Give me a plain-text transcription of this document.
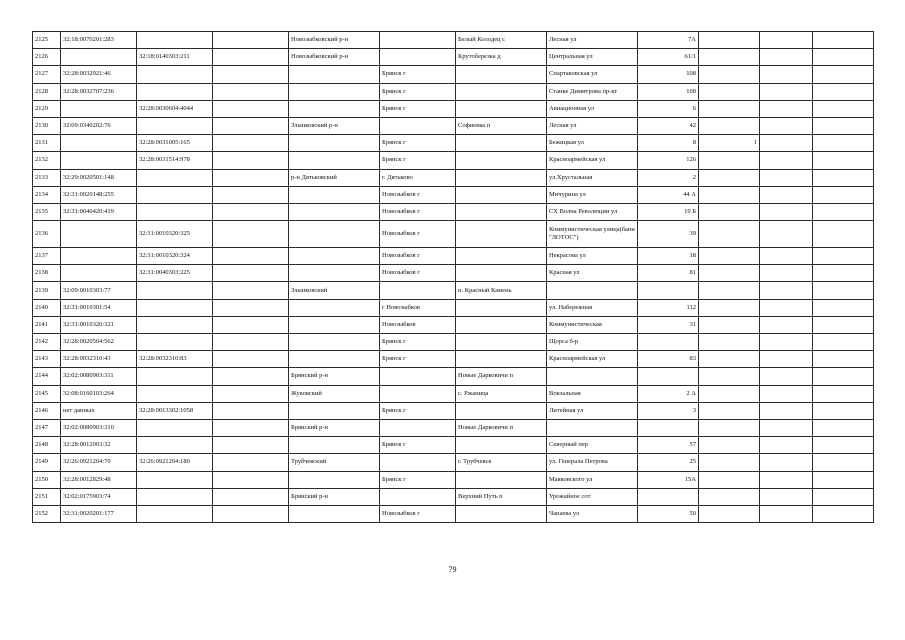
2125	32:18:0070201:283			Новозыбковский р-н		Белый Колодец с	Лесная ул	7А			
2126		32:18:0140303:211		Новозыбковский р-н		Крутоберезка д	Центральная ул	61/1			
2127	32:28:0032921:46				Брянск г		Спартаковская ул	108			
2128	32:28:0032707:236				Брянск г		Станке Димитрова пр-кт	108			
2129		32:28:0030604:4044			Брянск г		Авиационная ул	6			
2130	32:09:0340202:76			Злынковский р-н		Софиевка п	Лесная ул	42			
2131		32:28:0031005:165			Брянск г		Бежицкая ул	8	1		
2132		32:28:0031514:978			Брянск г		Красноармейская ул	126			
2133	32:29:0020501:148			р-н Дятьковский	г. Дятьково		ул.Хрустальная	2			
2134	32:31:0020148:255				Новозыбков г		Мичурина ул	44 А			
2135	32:31:0040420:419				Новозыбков г		СХ Волна Революции ул	19 Б			
2136		32:31:0010320:325			Новозыбков г		Коммунистическая улица(бани "ЛОТОС")	39			
2137		32:31:0010320:324			Новозыбков г		Некрасова ул	18			
2138		32:31:0040303:225			Новозыбков г		Красная ул	81			
2139	32:09:0010303:77			Злынковский		п. Красный Камень					
2140	32:31:0010301:54				г Новозыбков		ул. Набережная	112			
2141	32:31:0010320:321				Новозыбков		Коммунистическая	31			
2142	32:28:0020504:562				Брянск г		Щорса б-р				
2143	32:28:0032310:43	32:28:0032310:83			Брянск г		Красноармейская ул	83			
2144	32:02:0080903:311			Брянский р-н		Новые Дарковичи п					
2145	32:08:0160103:264			Жуковский		с. Ржаница	Вокзальная	2 А			
2146	нет данных	32:28:0013302:1058			Брянск г		Литейная ул	3			
2147	32:02:0080903:310			Брянский р-н		Новые Дарковичи п					
2148	32:28:0012003:32				Брянск г		Северный пер	57			
2149	32:26:0921204:70	32:26:0921204:180		Трубчевский		г. Трубчевск	ул. Генерала Петрова	25			
2150	32:28:0012829:48				Брянск г		Маяковского ул	15А			
2151	32:02:0175903:74			Брянский р-н		Верхний Путь п	Урожайное сот				
2152	32:31:0020201:177				Новозыбков г		Чапаева ул	50			
79
